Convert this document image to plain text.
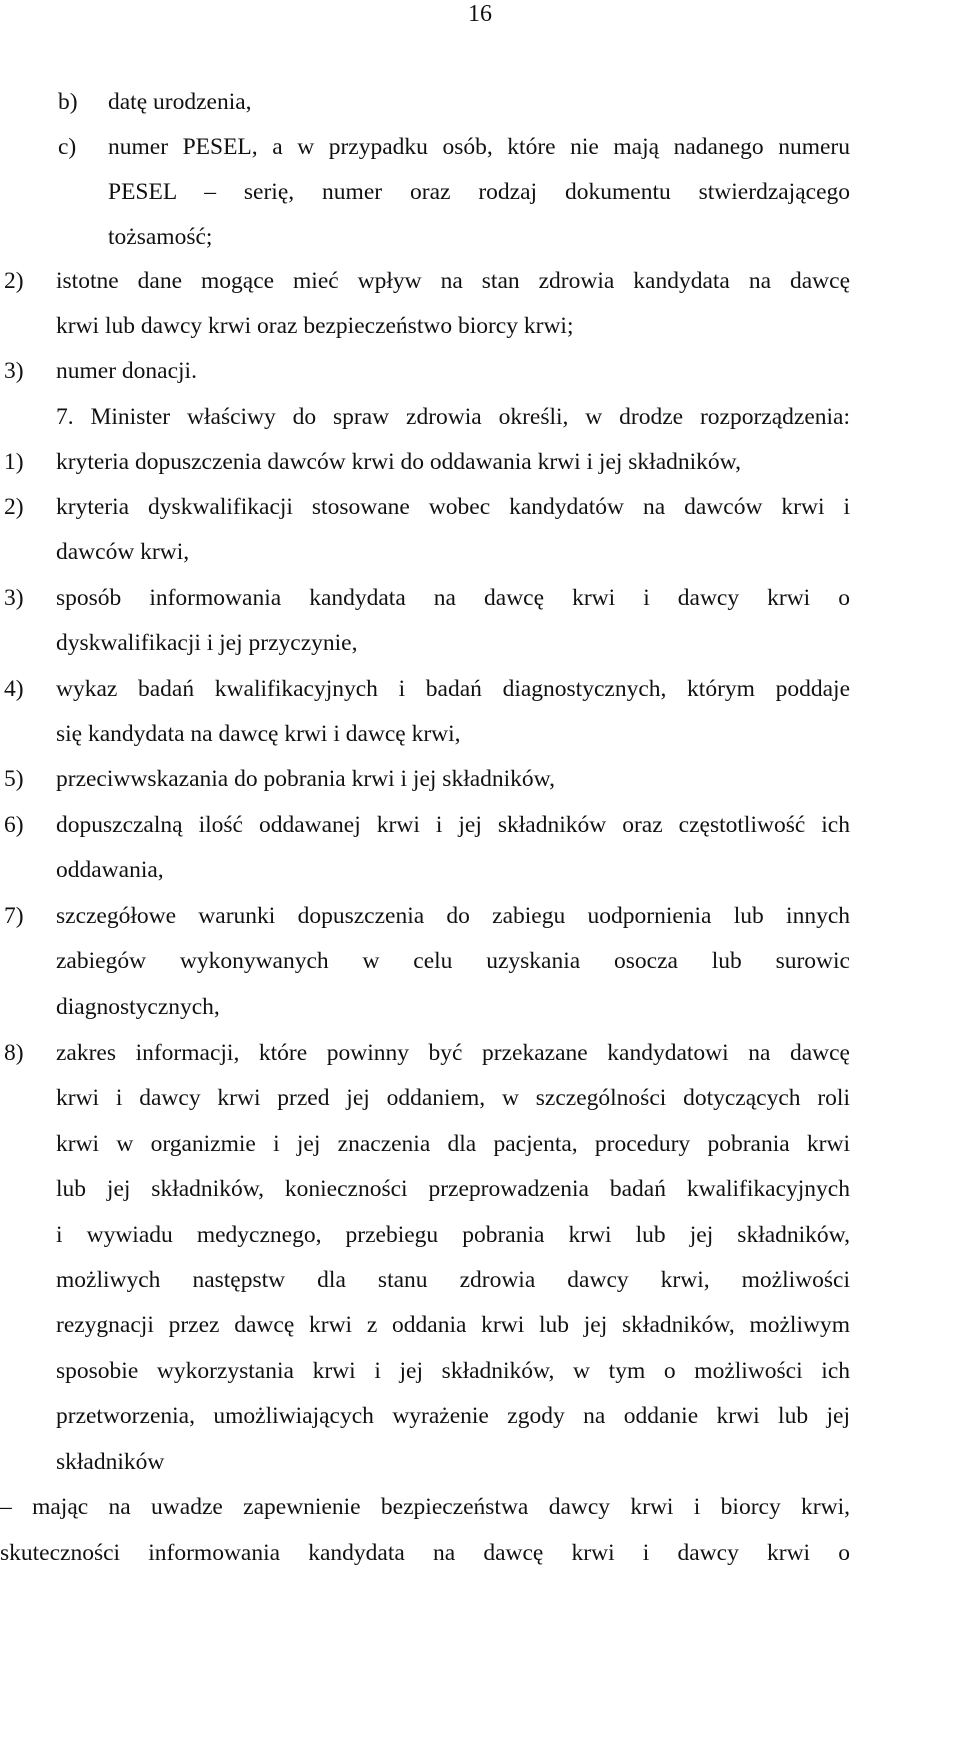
16
b) datę urodzenia,
c) numer PESEL, a w przypadku osób, które nie mają nadanego numeru
PESEL – serię, numer oraz rodzaj dokumentu stwierdzającego
tożsamość;
2) istotne dane mogące mieć wpływ na stan zdrowia kandydata na dawcę
krwi lub dawcy krwi oraz bezpieczeństwo biorcy krwi;
3) numer donacji.
7. Minister właściwy do spraw zdrowia określi, w drodze rozporządzenia:
1) kryteria dopuszczenia dawców krwi do oddawania krwi i jej składników,
2) kryteria dyskwalifikacji stosowane wobec kandydatów na dawców krwi i
dawców krwi,
3) sposób informowania kandydata na dawcę krwi i dawcy krwi o
dyskwalifikacji i jej przyczynie,
4) wykaz badań kwalifikacyjnych i badań diagnostycznych, którym poddaje
się kandydata na dawcę krwi i dawcę krwi,
5) przeciwwskazania do pobrania krwi i jej składników,
6) dopuszczalną ilość oddawanej krwi i jej składników oraz częstotliwość ich
oddawania,
7) szczegółowe warunki dopuszczenia do zabiegu uodpornienia lub innych
zabiegów wykonywanych w celu uzyskania osocza lub surowic
diagnostycznych,
8) zakres informacji, które powinny być przekazane kandydatowi na dawcę
krwi i dawcy krwi przed jej oddaniem, w szczególności dotyczących roli
krwi w organizmie i jej znaczenia dla pacjenta, procedury pobrania krwi
lub jej składników, konieczności przeprowadzenia badań kwalifikacyjnych
i wywiadu medycznego, przebiegu pobrania krwi lub jej składników,
możliwych następstw dla stanu zdrowia dawcy krwi, możliwości
rezygnacji przez dawcę krwi z oddania krwi lub jej składników, możliwym
sposobie wykorzystania krwi i jej składników, w tym o możliwości ich
przetworzenia, umożliwiających wyrażenie zgody na oddanie krwi lub jej
składników
– mając na uwadze zapewnienie bezpieczeństwa dawcy krwi i biorcy krwi,
skuteczności informowania kandydata na dawcę krwi i dawcy krwi o
